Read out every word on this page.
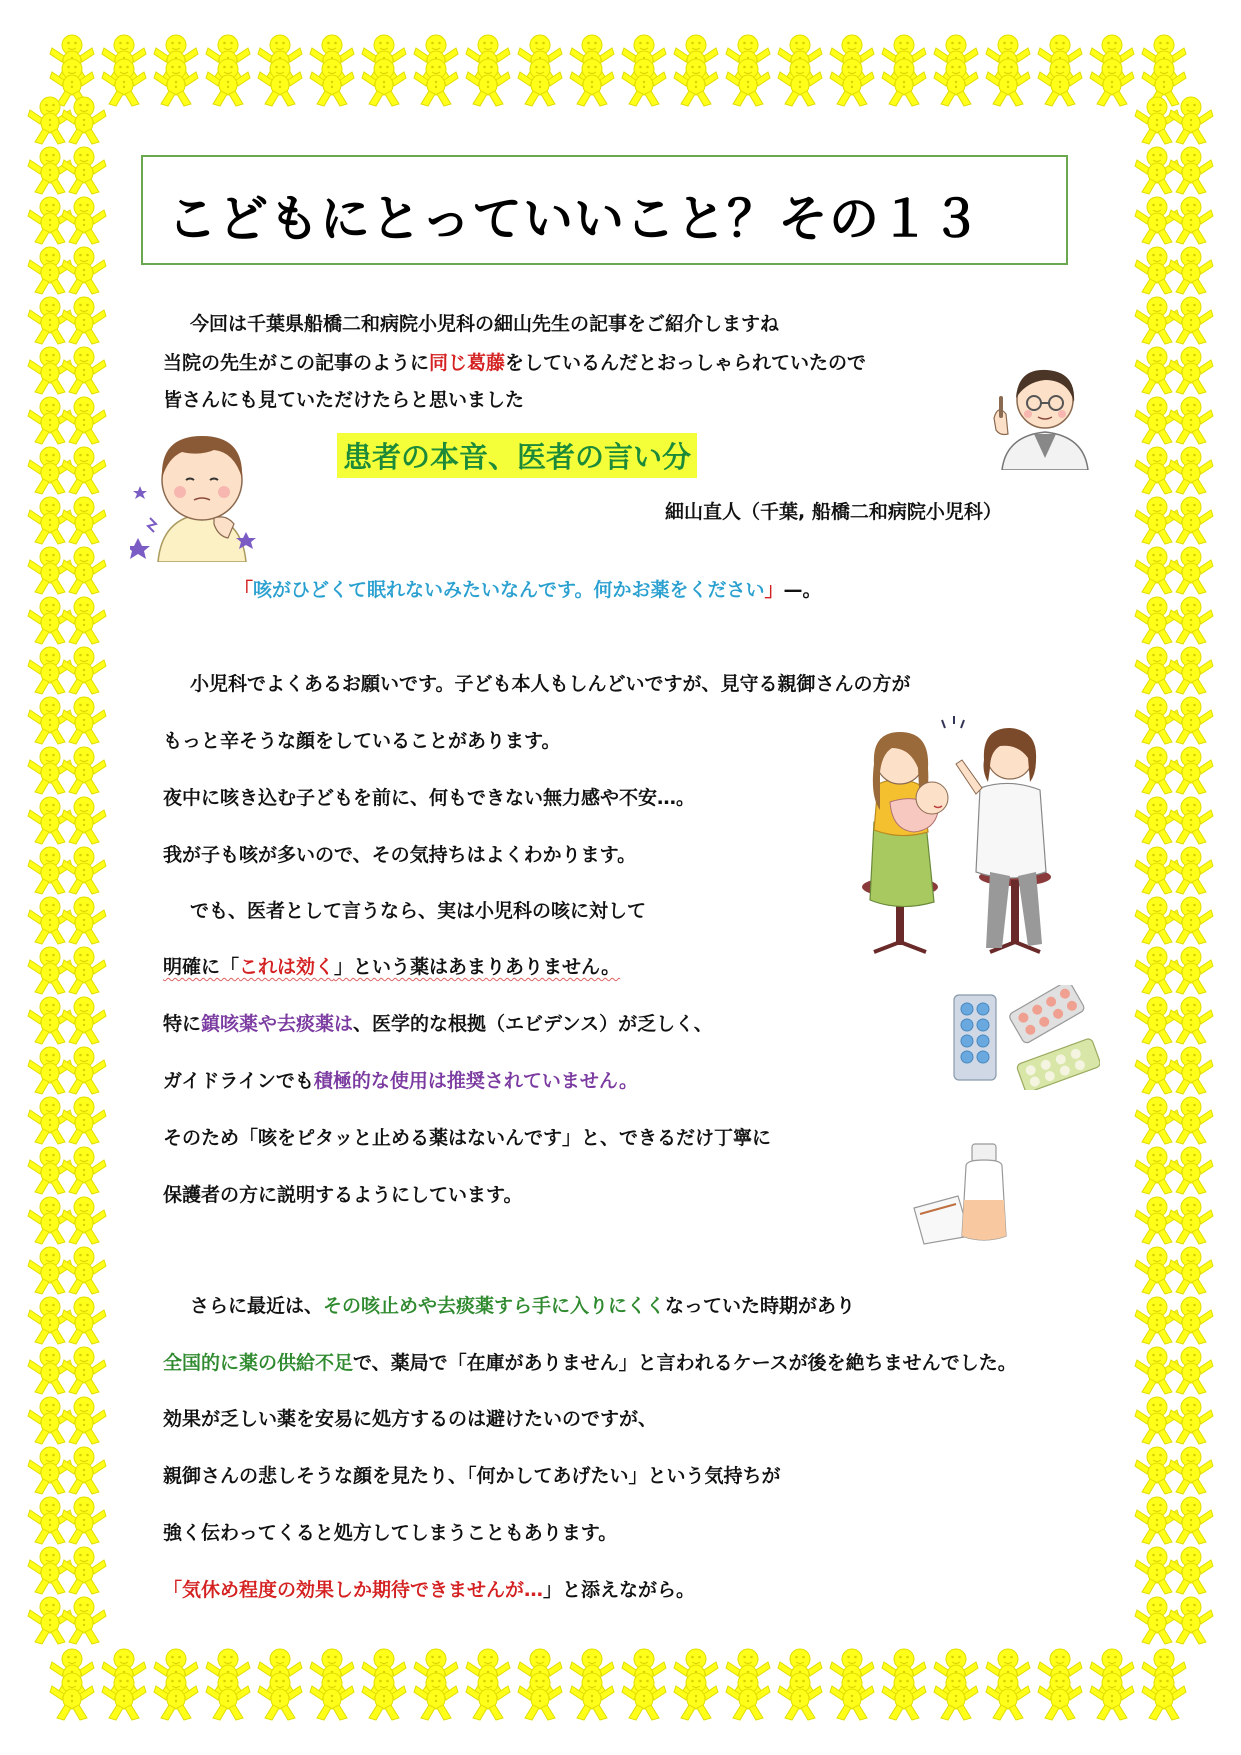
こどもにとっていいこと？その１３
今回は千葉県船橋二和病院小児科の細山先生の記事をご紹介しますね
当院の先生がこの記事のように同じ葛藤をしているんだとおっしゃられていたので
皆さんにも見ていただけたらと思いました
患者の本音、医者の言い分
細山直人（千葉, 船橋二和病院小児科）
「咳がひどくて眠れないみたいなんです。何かお薬をください」—。
小児科でよくあるお願いです。子ども本人もしんどいですが、見守る親御さんの方が
もっと辛そうな顔をしていることがあります。
夜中に咳き込む子どもを前に、何もできない無力感や不安…。
我が子も咳が多いので、その気持ちはよくわかります。
でも、医者として言うなら、実は小児科の咳に対して
明確に「これは効く」という薬はあまりありません。
特に鎮咳薬や去痰薬は、医学的な根拠（エビデンス）が乏しく、
ガイドラインでも積極的な使用は推奨されていません。
そのため「咳をピタッと止める薬はないんです」と、できるだけ丁寧に
保護者の方に説明するようにしています。
さらに最近は、その咳止めや去痰薬すら手に入りにくくなっていた時期があり
全国的に薬の供給不足で、薬局で「在庫がありません」と言われるケースが後を絶ちませんでした。
効果が乏しい薬を安易に処方するのは避けたいのですが、
親御さんの悲しそうな顔を見たり、「何かしてあげたい」という気持ちが
強く伝わってくると処方してしまうこともあります。
「気休め程度の効果しか期待できませんが…」と添えながら。
